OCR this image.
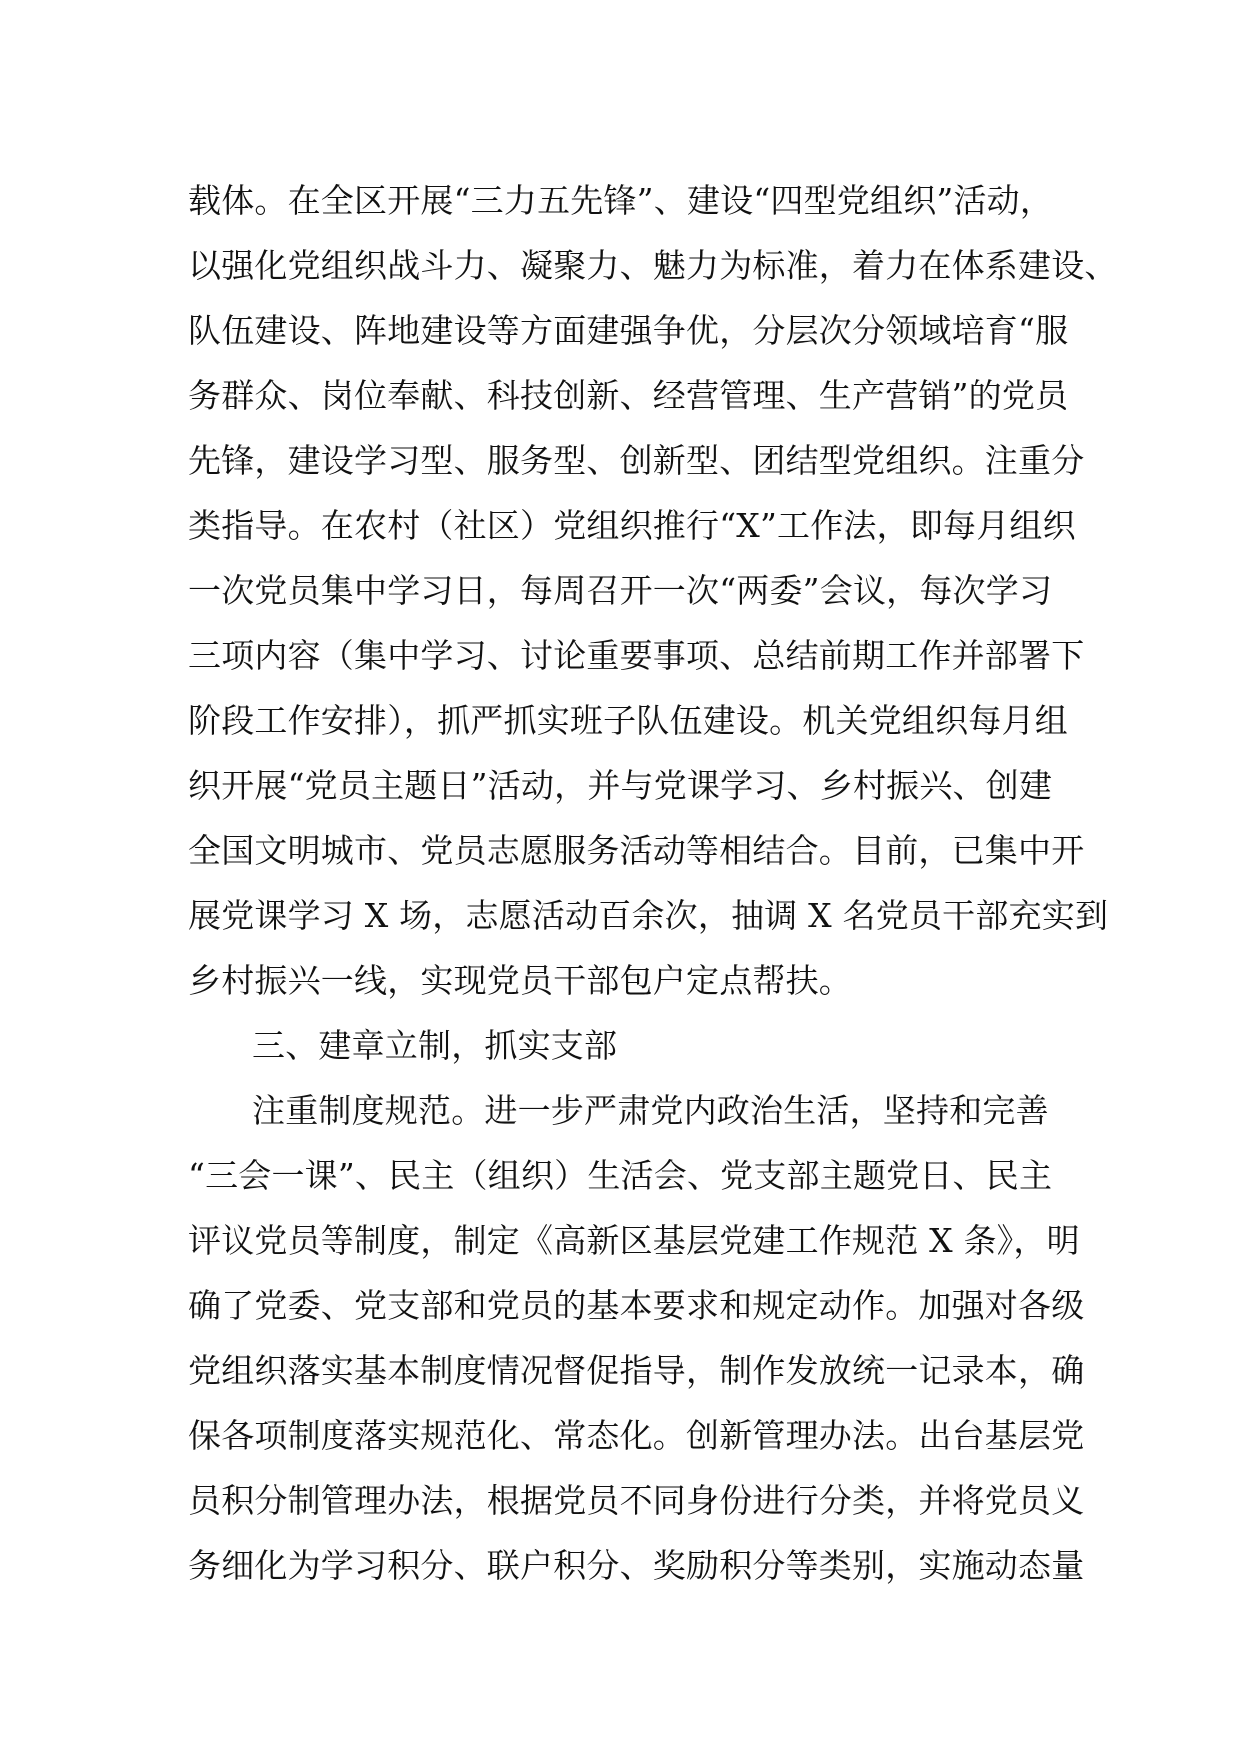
载体。在全区开展“三力五先锋”、建设“四型党组织”活动，
以强化党组织战斗力、凝聚力、魅力为标准，着力在体系建设、
队伍建设、阵地建设等方面建强争优，分层次分领域培育“服
务群众、岗位奉献、科技创新、经营管理、生产营销”的党员
先锋，建设学习型、服务型、创新型、团结型党组织。注重分
类指导。在农村（社区）党组织推行“X”工作法，即每月组织
一次党员集中学习日，每周召开一次“两委”会议，每次学习
三项内容（集中学习、讨论重要事项、总结前期工作并部署下
阶段工作安排），抓严抓实班子队伍建设。机关党组织每月组
织开展“党员主题日”活动，并与党课学习、乡村振兴、创建
全国文明城市、党员志愿服务活动等相结合。目前，已集中开
展党课学习 X 场，志愿活动百余次，抽调 X 名党员干部充实到
乡村振兴一线，实现党员干部包户定点帮扶。
三、建章立制，抓实支部
注重制度规范。进一步严肃党内政治生活，坚持和完善
“三会一课”、民主（组织）生活会、党支部主题党日、民主
评议党员等制度，制定《高新区基层党建工作规范 X 条》，明
确了党委、党支部和党员的基本要求和规定动作。加强对各级
党组织落实基本制度情况督促指导，制作发放统一记录本，确
保各项制度落实规范化、常态化。创新管理办法。出台基层党
员积分制管理办法，根据党员不同身份进行分类，并将党员义
务细化为学习积分、联户积分、奖励积分等类别，实施动态量
